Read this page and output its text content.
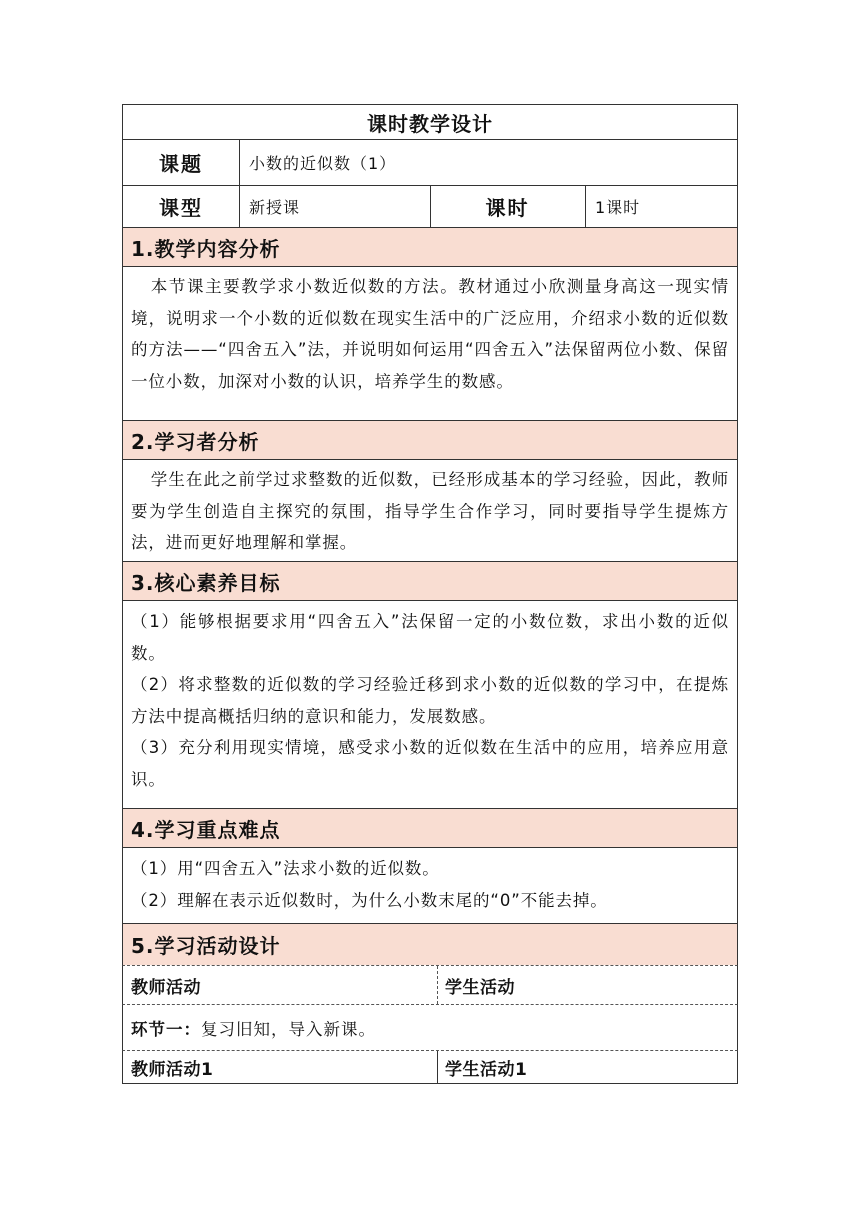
课时教学设计
课题	小数的近似数（1）
课型	新授课	课时	1课时
1.教学内容分析

本节课主要教学求小数近似数的方法。教材通过小欣测量身高这一现实情境，说明求一个小数的近似数在现实生活中的广泛应用，介绍求小数的近似数的方法——“四舍五入”法，并说明如何运用“四舍五入”法保留两位小数、保留一位小数，加深对小数的认识，培养学生的数感。

2.学习者分析

学生在此之前学过求整数的近似数，已经形成基本的学习经验，因此，教师要为学生创造自主探究的氛围，指导学生合作学习，同时要指导学生提炼方法，进而更好地理解和掌握。

3.核心素养目标

（1）能够根据要求用“四舍五入”法保留一定的小数位数，求出小数的近似数。

（2）将求整数的近似数的学习经验迁移到求小数的近似数的学习中，在提炼方法中提高概括归纳的意识和能力，发展数感。

（3）充分利用现实情境，感受求小数的近似数在生活中的应用，培养应用意识。

4.学习重点难点

（1）用“四舍五入”法求小数的近似数。

（2）理解在表示近似数时，为什么小数末尾的“0”不能去掉。

5.学习活动设计
教师活动	学生活动
环节一： 复习旧知，导入新课。
教师活动1	学生活动1
